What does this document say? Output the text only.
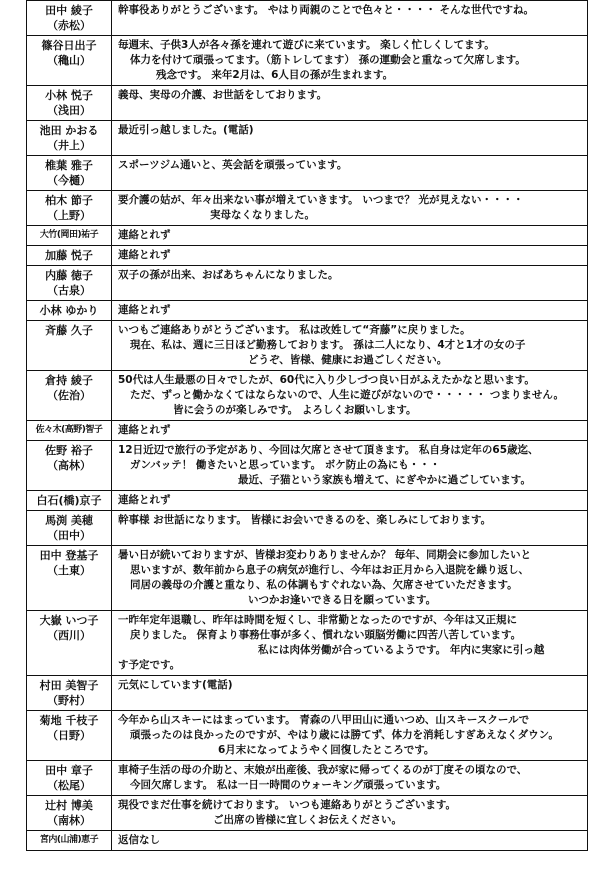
田中 綾子
（赤松）	幹事役ありがとうございます。 やはり両親のことで色々と・・・・ そんな世代ですね。

篠谷日出子
（穐山）	毎週末、子供3人が各々孫を連れて遊びに来ています。 楽しく忙しくしてます。
体力を付けて頑張ってます。（筋トレしてます） 孫の運動会と重なって欠席します。
残念です。 来年2月は、6人目の孫が生まれます。

小林 悦子
（浅田）	義母、実母の介護、お世話をしております。

池田 かおる
（井上）	最近引っ越しました。(電話)

椎葉 雅子
（今樋）	スポーツジム通いと、英会話を頑張っています。

柏木 節子
（上野）	要介護の姑が、年々出来ない事が増えていきます。 いつまで？ 光が見えない・・・・
実母なくなりました。

大竹(岡田)祐子	連絡とれず

加藤 悦子	連絡とれず

内藤 徳子
（古泉）	双子の孫が出来、おばあちゃんになりました。

小林 ゆかり	連絡とれず

斉藤 久子	いつもご連絡ありがとうございます。 私は改姓して“斉藤”に戻りました。
現在、私は、週に三日ほど勤務しております。 孫は二人になり、4才と1才の女の子
どうぞ、皆様、健康にお過ごしください。

倉持 綾子
（佐治）	50代は人生最悪の日々でしたが、60代に入り少しづつ良い日がふえたかなと思います。
ただ、ずっと働かなくてはならないので、人生に遊びがないので・・・・・ つまりません。
皆に会うのが楽しみです。 よろしくお願いします。

佐々木(高野)智子	連絡とれず

佐野 裕子
（高林）	12日近辺で旅行の予定があり、今回は欠席とさせて頂きます。 私自身は定年の65歳迄、
ガンバッテ！ 働きたいと思っています。 ボケ防止の為にも・・・
最近、子猫という家族も増えて、にぎやかに過ごしています。

白石(橋)京子	連絡とれず

馬渕 美穂
（田中）	幹事様 お世話になります。 皆様にお会いできるのを、楽しみにしております。

田中 登基子
（土東）	暑い日が続いておりますが、皆様お変わりありませんか？ 毎年、同期会に参加したいと
思いますが、数年前から息子の病気が進行し、今年はお正月から入退院を繰り返し、
同居の義母の介護と重なり、私の体調もすぐれない為、欠席させていただきます。
いつかお逢いできる日を願っています。

大嶽 いつ子
（西川）	一昨年定年退職し、昨年は時間を短くし、非常勤となったのですが、今年は又正規に
戻りました。 保育より事務仕事が多く、慣れない頭脳労働に四苦八苦しています。
私には肉体労働が合っているようです。 年内に実家に引っ越
す予定です。

村田 美智子
（野村）	元気にしています(電話)

菊地 千枝子
（日野）	今年から山スキーにはまっています。 青森の八甲田山に通いつめ、山スキースクールで
頑張ったのは良かったのですが、やはり歳には勝てず、体力を消耗しすぎあえなくダウン。
6月末になってようやく回復したところです。

田中 章子
（松尾）	車椅子生活の母の介助と、末娘が出産後、我が家に帰ってくるのが丁度その頃なので、
今回欠席します。 私は一日一時間のウォーキング頑張っています。

辻村 博美
（南林）	現役でまだ仕事を続けております。 いつも連絡ありがとうございます。
ご出席の皆様に宜しくお伝えください。

宮内(山浦)恵子	返信なし
